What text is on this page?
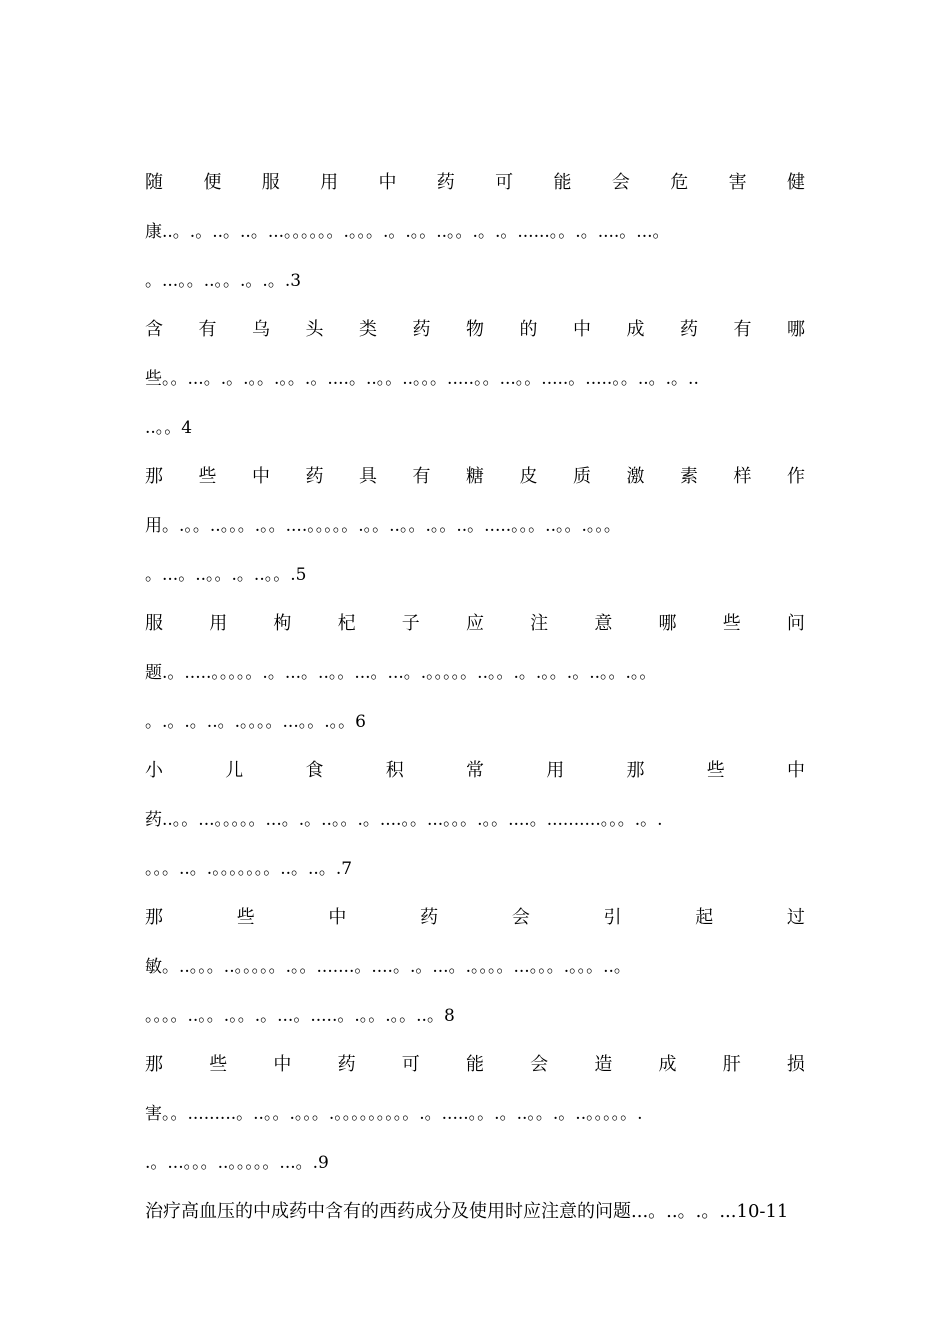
随 便 服 用 中 药 可 能 会 危 害 健
康..。.。..。..。...。。。。。。.。。。.。.。。..。。.。.。......。。.。....。...。
。...。。..。。.。.。.3
含 有 乌 头 类 药 物 的 中 成 药 有 哪
些。。...。.。.。。.。。.。....。..。。..。。。.....。。...。。.....。.....。。..。.。..
..。。4
那 些 中 药 具 有 糖 皮 质 激 素 样 作
用。.。。..。。。.。。....。。。。。.。。..。。.。。..。.....。。。..。。.。。。
。...。..。。.。..。。.5
服	用	枸	杞	子	应	注	意	哪	些	问
题.。.....。。。。。.。...。..。。...。...。.。。。。。..。。.。.。。.。..。。.。。
。.。.。..。.。。。。...。。.。。6
小	儿	食	积	常	用	那	些	中
药..。。...。。。。。...。.。..。。.。....。。...。。。.。。....。..........。。。.。.
。。。..。.。。。。。。。..。..。.7
那	些	中	药	会	引	起	过
敏。..。。。..。。。。。.。。.......。....。.。...。.。。。。...。。。.。。。..。
。。。。..。。.。。.。...。.....。.。。.。。..。8
那	些	中	药	可	能	会	造	成	肝	损
害。。.........。..。。.。。。.。。。。。。。。。.。.....。。.。..。。.。..。。。。。.
.。...。。。..。。。。。...。.9
治疗高血压的中成药中含有的西药成分及使用时应注意的问题...。..。.。...10-11
